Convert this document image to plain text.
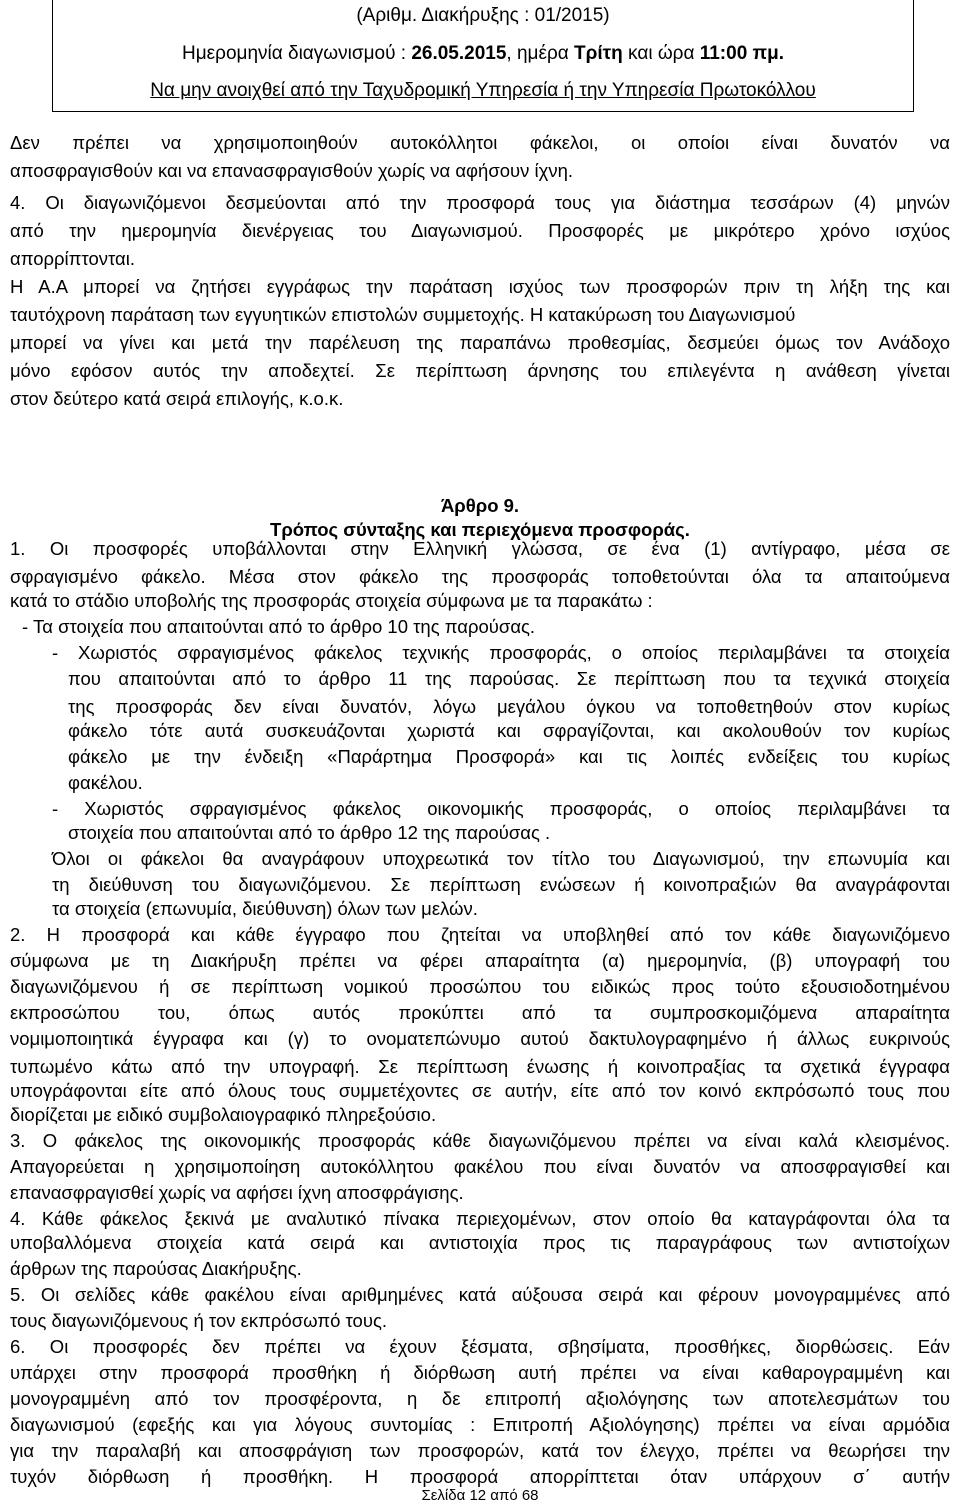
(Αριθμ. Διακήρυξης : 01/2015)
Ημερομηνία διαγωνισμού : 26.05.2015, ημέρα Τρίτη και ώρα 11:00 πμ.
Να μην ανοιχθεί από την Ταχυδρομική Υπηρεσία ή την Υπηρεσία Πρωτοκόλλου
Δεν πρέπει να χρησιμοποιηθούν αυτοκόλλητοι φάκελοι, οι οποίοι είναι δυνατόν να
αποσφραγισθούν και να επανασφραγισθούν χωρίς να αφήσουν ίχνη.
4. Οι διαγωνιζόμενοι δεσμεύονται από την προσφορά τους για διάστημα τεσσάρων (4) μηνών
από την ημερομηνία διενέργειας του Διαγωνισμού. Προσφορές με μικρότερο χρόνο ισχύος
απορρίπτονται.
Η Α.Α μπορεί να ζητήσει εγγράφως την παράταση ισχύος των προσφορών πριν τη λήξη της και
ταυτόχρονη παράταση των εγγυητικών επιστολών συμμετοχής. Η κατακύρωση του Διαγωνισμού
μπορεί να γίνει και μετά την παρέλευση της παραπάνω προθεσμίας, δεσμεύει όμως τον Ανάδοχο
μόνο εφόσον αυτός την αποδεχτεί. Σε περίπτωση άρνησης του επιλεγέντα η ανάθεση γίνεται
στον δεύτερο κατά σειρά επιλογής, κ.ο.κ.
1. Οι προσφορές υποβάλλονται στην Ελληνική γλώσσα, σε ένα (1) αντίγραφο, μέσα σε
σφραγισμένο φάκελο. Μέσα στον φάκελο της προσφοράς τοποθετούνται όλα τα απαιτούμενα
κατά το στάδιο υποβολής της προσφοράς στοιχεία σύμφωνα με τα παρακάτω :
- Τα στοιχεία που απαιτούνται από το άρθρο 10 της παρούσας.
- Χωριστός σφραγισμένος φάκελος τεχνικής προσφοράς, ο οποίος περιλαμβάνει τα στοιχεία
που απαιτούνται από το άρθρο 11 της παρούσας. Σε περίπτωση που τα τεχνικά στοιχεία
της προσφοράς δεν είναι δυνατόν, λόγω μεγάλου όγκου να τοποθετηθούν στον κυρίως
φάκελο τότε αυτά συσκευάζονται χωριστά και σφραγίζονται, και ακολουθούν τον κυρίως
φάκελο με την ένδειξη «Παράρτημα Προσφορά» και τις λοιπές ενδείξεις του κυρίως
φακέλου.
- Χωριστός σφραγισμένος φάκελος οικονομικής προσφοράς, ο οποίος περιλαμβάνει τα
στοιχεία που απαιτούνται από το άρθρο 12 της παρούσας .
Όλοι οι φάκελοι θα αναγράφουν υποχρεωτικά τον τίτλο του Διαγωνισμού, την επωνυμία και
τη διεύθυνση του διαγωνιζόμενου. Σε περίπτωση ενώσεων ή κοινοπραξιών θα αναγράφονται
τα στοιχεία (επωνυμία, διεύθυνση) όλων των μελών.
2. Η προσφορά και κάθε έγγραφο που ζητείται να υποβληθεί από τον κάθε διαγωνιζόμενο
σύμφωνα με τη Διακήρυξη πρέπει να φέρει απαραίτητα (α) ημερομηνία, (β) υπογραφή του
διαγωνιζόμενου ή σε περίπτωση νομικού προσώπου του ειδικώς προς τούτο εξουσιοδοτημένου
εκπροσώπου του, όπως αυτός προκύπτει από τα συμπροσκομιζόμενα απαραίτητα
νομιμοποιητικά έγγραφα και (γ) το ονοματεπώνυμο αυτού δακτυλογραφημένο ή άλλως ευκρινούς
τυπωμένο κάτω από την υπογραφή. Σε περίπτωση ένωσης ή κοινοπραξίας τα σχετικά έγγραφα
υπογράφονται είτε από όλους τους συμμετέχοντες σε αυτήν, είτε από τον κοινό εκπρόσωπό τους που
διορίζεται με ειδικό συμβολαιογραφικό πληρεξούσιο.
3. Ο φάκελος της οικονομικής προσφοράς κάθε διαγωνιζόμενου πρέπει να είναι καλά κλεισμένος.
Απαγορεύεται η χρησιμοποίηση αυτοκόλλητου φακέλου που είναι δυνατόν να αποσφραγισθεί και
επανασφραγισθεί χωρίς να αφήσει ίχνη αποσφράγισης.
4. Κάθε φάκελος ξεκινά με αναλυτικό πίνακα περιεχομένων, στον οποίο θα καταγράφονται όλα τα
υποβαλλόμενα στοιχεία κατά σειρά και αντιστοιχία προς τις παραγράφους των αντιστοίχων
άρθρων της παρούσας Διακήρυξης.
5. Οι σελίδες κάθε φακέλου είναι αριθμημένες κατά αύξουσα σειρά και φέρουν μονογραμμένες από
τους διαγωνιζόμενους ή τον εκπρόσωπό τους.
6. Οι προσφορές δεν πρέπει να έχουν ξέσματα, σβησίματα, προσθήκες, διορθώσεις. Εάν
υπάρχει στην προσφορά προσθήκη ή διόρθωση αυτή πρέπει να είναι καθαρογραμμένη και
μονογραμμένη από τον προσφέροντα, η δε επιτροπή αξιολόγησης των αποτελεσμάτων του
διαγωνισμού (εφεξής και για λόγους συντομίας : Επιτροπή Αξιολόγησης) πρέπει να είναι αρμόδια
για την παραλαβή και αποσφράγιση των προσφορών, κατά τον έλεγχο, πρέπει να θεωρήσει την
τυχόν διόρθωση ή προσθήκη. Η προσφορά απορρίπτεται όταν υπάρχουν σ΄ αυτήν
Άρθρο 9.
Τρόπος σύνταξης και περιεχόμενα προσφοράς.
Σελίδα 12 από 68
